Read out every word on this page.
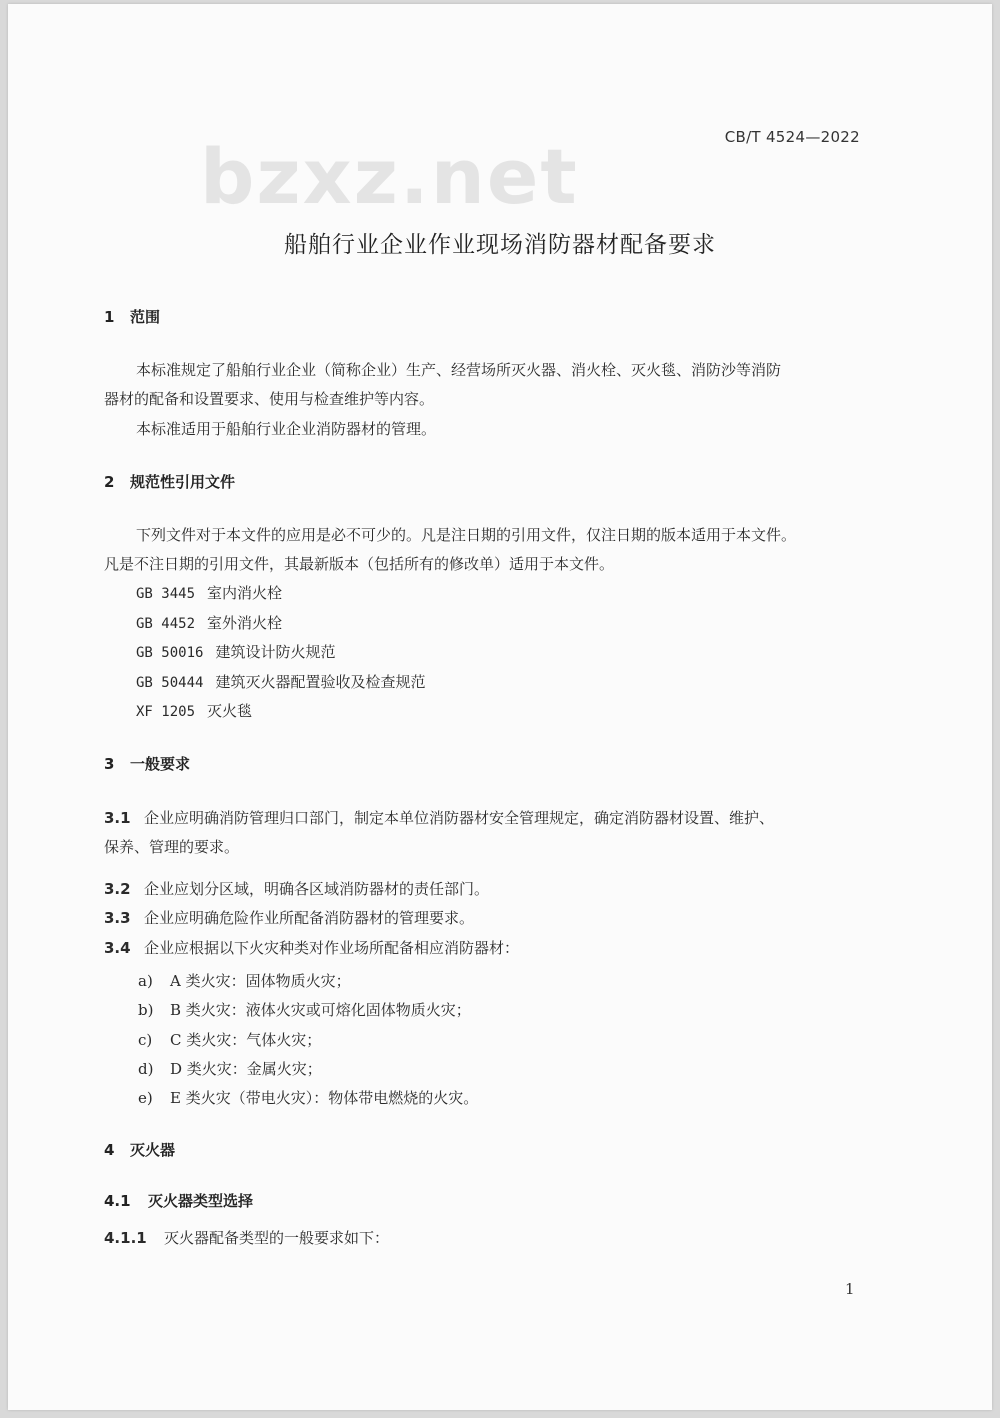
bzxz.net	CB/T 4524—2022
船舶行业企业作业现场消防器材配备要求
1 范围
本标准规定了船舶行业企业（简称企业）生产、经营场所灭火器、消火栓、灭火毯、消防沙等消防
器材的配备和设置要求、使用与检查维护等内容。
本标准适用于船舶行业企业消防器材的管理。
2 规范性引用文件
下列文件对于本文件的应用是必不可少的。凡是注日期的引用文件，仅注日期的版本适用于本文件。
凡是不注日期的引用文件，其最新版本（包括所有的修改单）适用于本文件。
GB 3445 室内消火栓
GB 4452 室外消火栓
GB 50016 建筑设计防火规范
GB 50444 建筑灭火器配置验收及检查规范
XF 1205 灭火毯
3 一般要求
3.1 企业应明确消防管理归口部门，制定本单位消防器材安全管理规定，确定消防器材设置、维护、
保养、管理的要求。
3.2 企业应划分区域，明确各区域消防器材的责任部门。
3.3 企业应明确危险作业所配备消防器材的管理要求。
3.4 企业应根据以下火灾种类对作业场所配备相应消防器材：
a) A 类火灾：固体物质火灾；
b) B 类火灾：液体火灾或可熔化固体物质火灾；
c) C 类火灾：气体火灾；
d) D 类火灾：金属火灾；
e) E 类火灾（带电火灾）：物体带电燃烧的火灾。
4 灭火器
4.1 灭火器类型选择
4.1.1 灭火器配备类型的一般要求如下：
1
